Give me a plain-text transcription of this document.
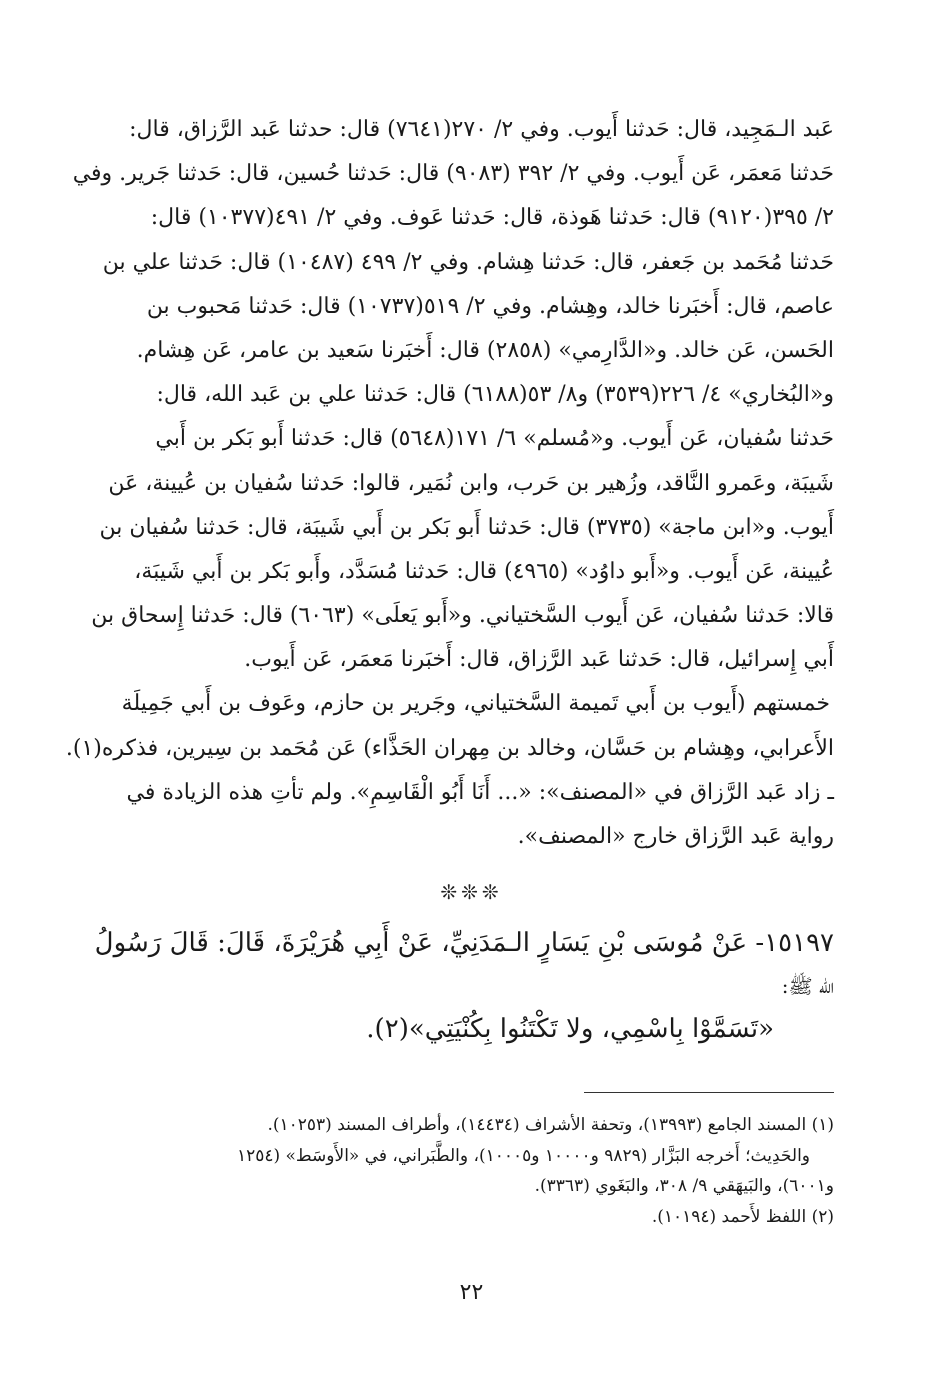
عَبد الـمَجِيد، قال: حَدثنا أَيوب. وفي ٢/ ٢٧٠(٧٦٤١) قال: حدثنا عَبد الرَّزاق، قال:
حَدثنا مَعمَر، عَن أَيوب. وفي ٢/ ٣٩٢ (٩٠٨٣) قال: حَدثنا حُسين، قال: حَدثنا جَرير. وفي
٢/ ٣٩٥(٩١٢٠) قال: حَدثنا هَوذة، قال: حَدثنا عَوف. وفي ٢/ ٤٩١(١٠٣٧٧) قال:
حَدثنا مُحَمد بن جَعفر، قال: حَدثنا هِشام. وفي ٢/ ٤٩٩ (١٠٤٨٧) قال: حَدثنا علي بن
عاصم، قال: أَخبَرنا خالد، وهِشام. وفي ٢/ ٥١٩(١٠٧٣٧) قال: حَدثنا مَحبوب بن
الحَسن، عَن خالد. و«الدَّارِمي» (٢٨٥٨) قال: أَخبَرنا سَعيد بن عامر، عَن هِشام.
و«البُخاري» ٤/ ٢٢٦(٣٥٣٩) و٨/ ٥٣(٦١٨٨) قال: حَدثنا علي بن عَبد الله، قال:
حَدثنا سُفيان، عَن أَيوب. و«مُسلم» ٦/ ١٧١(٥٦٤٨) قال: حَدثنا أَبو بَكر بن أَبي
شَيبَة، وعَمرو النَّاقد، وزُهير بن حَرب، وابن نُمَير، قالوا: حَدثنا سُفيان بن عُيينة، عَن
أَيوب. و«ابن ماجة» (٣٧٣٥) قال: حَدثنا أَبو بَكر بن أَبي شَيبَة، قال: حَدثنا سُفيان بن
عُيينة، عَن أَيوب. و«أَبو داوُد» (٤٩٦٥) قال: حَدثنا مُسَدَّد، وأَبو بَكر بن أَبي شَيبَة،
قالا: حَدثنا سُفيان، عَن أَيوب السَّختياني. و«أَبو يَعلَى» (٦٠٦٣) قال: حَدثنا إِسحاق بن
أَبي إِسرائيل، قال: حَدثنا عَبد الرَّزاق، قال: أَخبَرنا مَعمَر، عَن أَيوب.
خمستهم (أَيوب بن أَبي تَميمة السَّختياني، وجَرير بن حازم، وعَوف بن أَبي جَمِيلَة
الأَعرابي، وهِشام بن حَسَّان، وخالد بن مِهران الحَذَّاء) عَن مُحَمد بن سِيرين، فذكره(١).
ـ زاد عَبد الرَّزاق في «المصنف»: «... أَنَا أَبُو الْقَاسِمِ». ولم تأتِ هذه الزيادة في
رواية عَبد الرَّزاق خارج «المصنف».
❊❊❊
١٥١٩٧- عَنْ مُوسَى بْنِ يَسَارٍ الـمَدَنِيِّ، عَنْ أَبِي هُرَيْرَةَ، قَالَ: قَالَ رَسُولُ
الله ﷺ:
«تَسَمَّوْا بِاسْمِي، ولا تَكْتَنُوا بِكُنْيَتِي»(٢).
(١) المسند الجامع (١٣٩٩٣)، وتحفة الأشراف (١٤٤٣٤)، وأطراف المسند (١٠٢٥٣).
والحَدِيث؛ أَخرجه البَزَّار (٩٨٢٩ و١٠٠٠٠ و١٠٠٠٥)، والطَّبَراني، في «الأَوسَط» (١٢٥٤
و٦٠٠١)، والبَيهَقي ٩/ ٣٠٨، والبَغَوي (٣٣٦٣).
(٢) اللفظ لأَحمد (١٠١٩٤).
٢٢
